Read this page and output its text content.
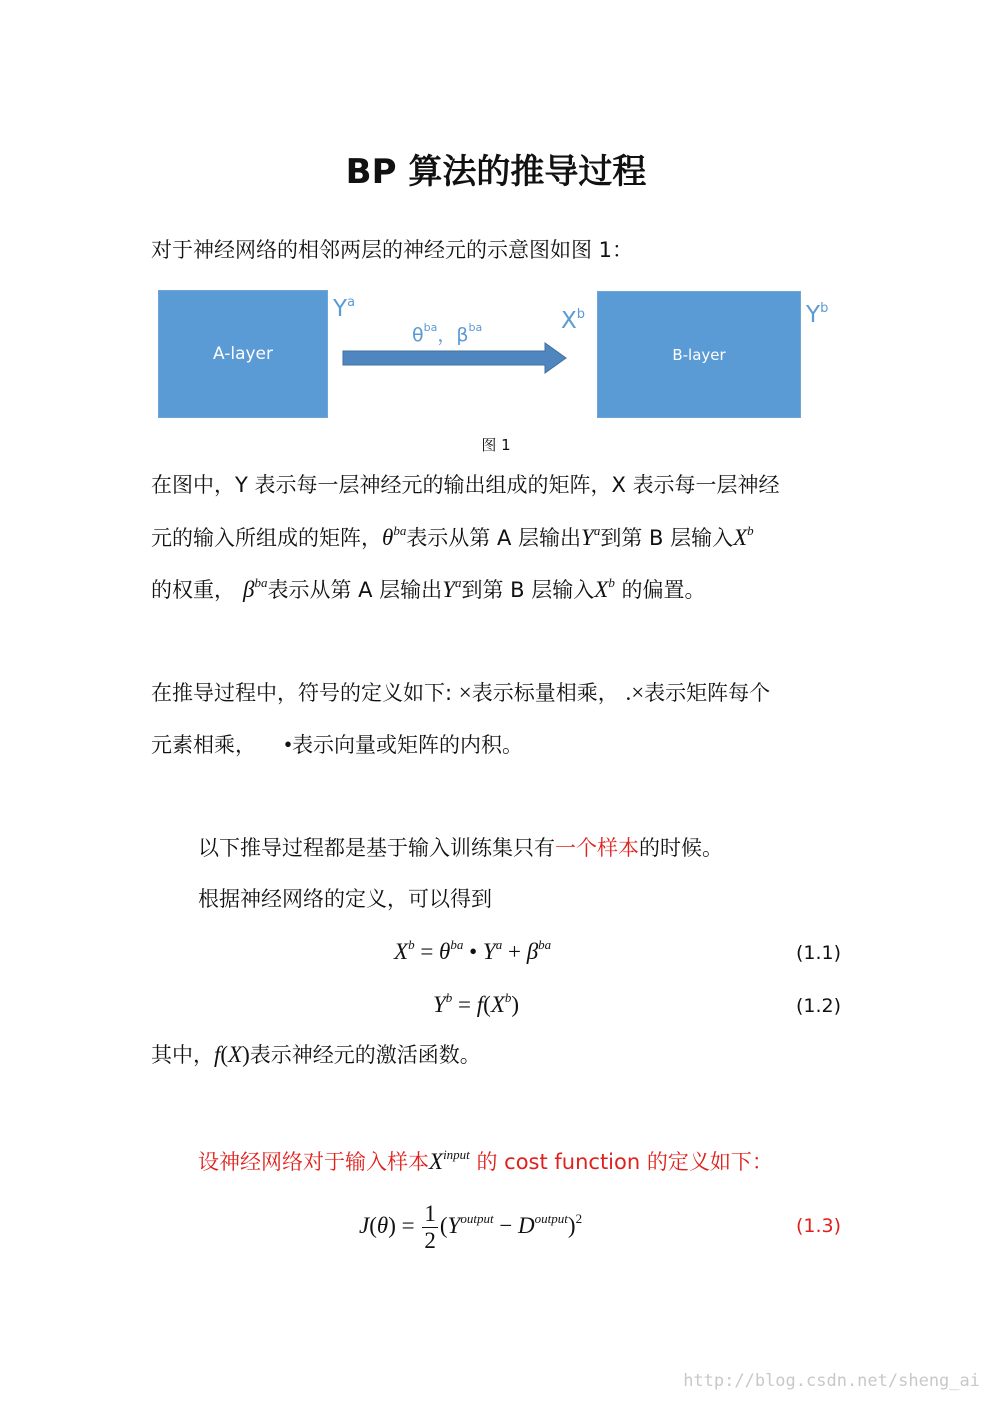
BP 算法的推导过程
对于神经网络的相邻两层的神经元的示意图如图 1：
A-layer	B-layer
$Y^a$
$\theta^{ba}$，$\beta^{ba}$	$X^b$	$Y^b$
图 1
在图中，Y 表示每一层神经元的输出组成的矩阵，X 表示每一层神经
元的输入所组成的矩阵，$\theta^{ba}$表示从第 A 层输出$Y^a$到第 B 层输入$X^b$
的权重， $\beta^{ba}$表示从第 A 层输出$Y^a$到第 B 层输入$X^b$ 的偏置。
在推导过程中，符号的定义如下: ×表示标量相乘， .×表示矩阵每个
元素相乘， •表示向量或矩阵的内积。
以下推导过程都是基于输入训练集只有一个样本的时候。
根据神经网络的定义，可以得到
$X^b = \theta^{ba}$ • $Y^a + \beta^{ba}$	(1.1)
$Y^b = f(X^b)$	(1.2)
其中，f(X)表示神经元的激活函数。
设神经网络对于输入样本$X^{input}$ 的 cost function 的定义如下：
$J(\theta) = \frac{1}{2} (Y^{output} - D^{output})^2$	(1.3)
http://blog.csdn.net/sheng_ai
